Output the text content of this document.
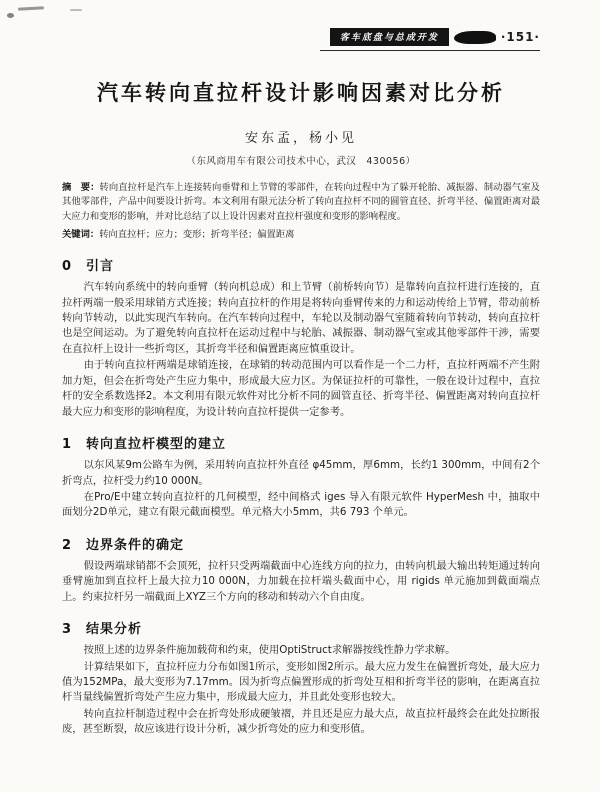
客车底盘与总成开发	·151·
汽车转向直拉杆设计影响因素对比分析
安东孟，杨小见
（东风商用车有限公司技术中心，武汉　430056）

摘　要：转向直拉杆是汽车上连接转向垂臂和上节臂的零部件，在转向过程中为了躲开轮胎、减振器、制动器气室及其他零部件，产品中间要设计折弯。本文利用有限元法分析了转向直拉杆不同的圆管直径、折弯半径、偏置距离对最大应力和变形的影响，并对比总结了以上设计因素对直拉杆强度和变形的影响程度。

关键词：转向直拉杆；应力；变形；折弯半径；偏置距离

0　引言

汽车转向系统中的转向垂臂（转向机总成）和上节臂（前桥转向节）是靠转向直拉杆进行连接的，直拉杆两端一般采用球销方式连接；转向直拉杆的作用是将转向垂臂传来的力和运动传给上节臂，带动前桥转向节转动，以此实现汽车转向。在汽车转向过程中，车轮以及制动器气室随着转向节转动，转向直拉杆也是空间运动。为了避免转向直拉杆在运动过程中与轮胎、减振器、制动器气室或其他零部件干涉，需要在直拉杆上设计一些折弯区，其折弯半径和偏置距离应慎重设计。

由于转向直拉杆两端是球销连接，在球销的转动范围内可以看作是一个二力杆，直拉杆两端不产生附加力矩，但会在折弯处产生应力集中，形成最大应力区。为保证拉杆的可靠性，一般在设计过程中，直拉杆的安全系数选择2。本文利用有限元软件对比分析不同的圆管直径、折弯半径、偏置距离对转向直拉杆最大应力和变形的影响程度，为设计转向直拉杆提供一定参考。

1　转向直拉杆模型的建立

以东风某9m公路车为例，采用转向直拉杆外直径 φ45mm，厚6mm，长约1 300mm，中间有2个折弯点，拉杆受力约10 000N。

在Pro/E中建立转向直拉杆的几何模型，经中间格式 iges 导入有限元软件 HyperMesh 中，抽取中面划分2D单元，建立有限元截面模型。单元格大小5mm，共6 793 个单元。

2　边界条件的确定

假设两端球销都不会顶死，拉杆只受两端截面中心连线方向的拉力，由转向机最大输出转矩通过转向垂臂施加到直拉杆上最大拉力10 000N，力加载在拉杆端头截面中心，用 rigids 单元施加到截面端点上。约束拉杆另一端截面上XYZ三个方向的移动和转动六个自由度。

3　结果分析

按照上述的边界条件施加载荷和约束，使用OptiStruct求解器按线性静力学求解。

计算结果如下，直拉杆应力分布如图1所示，变形如图2所示。最大应力发生在偏置折弯处，最大应力值为152MPa，最大变形为7.17mm。因为折弯点偏置形成的折弯处互相和折弯半径的影响，在距离直拉杆当量线偏置折弯处产生应力集中，形成最大应力，并且此处变形也较大。

转向直拉杆制造过程中会在折弯处形成硬皱褶，并且还是应力最大点，故直拉杆最终会在此处拉断报废，甚至断裂，故应该进行设计分析，减少折弯处的应力和变形值。
